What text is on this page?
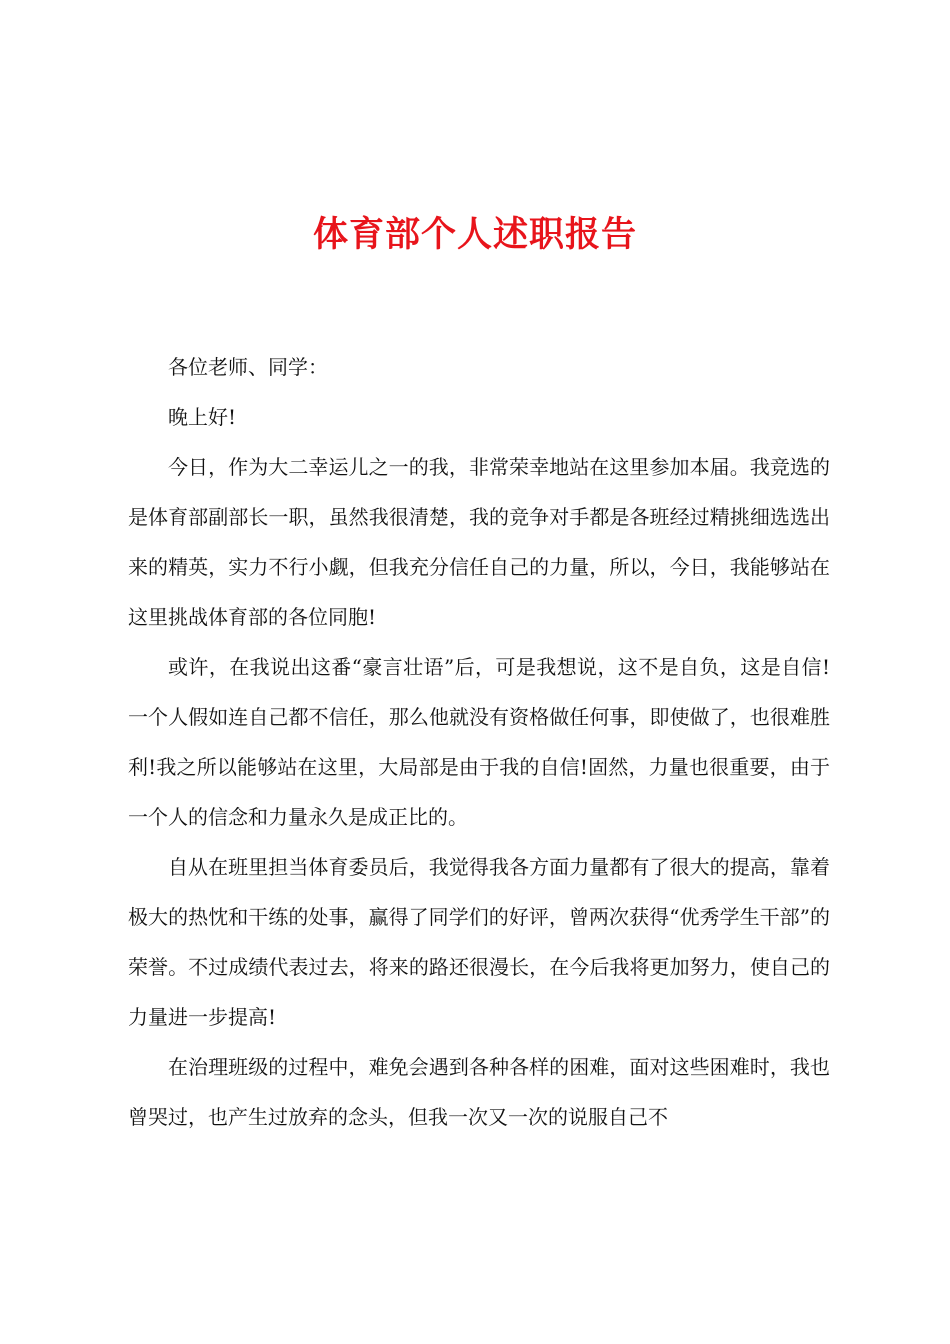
体育部个人述职报告

各位老师、同学：

晚上好!

今日，作为大二幸运儿之一的我，非常荣幸地站在这里参加本届。我竞选的是体育部副部长一职，虽然我很清楚，我的竞争对手都是各班经过精挑细选选出来的精英，实力不行小觑，但我充分信任自己的力量，所以，今日，我能够站在这里挑战体育部的各位同胞!

或许，在我说出这番“豪言壮语”后，可是我想说，这不是自负，这是自信!一个人假如连自己都不信任，那么他就没有资格做任何事，即使做了，也很难胜利!我之所以能够站在这里，大局部是由于我的自信!固然，力量也很重要，由于一个人的信念和力量永久是成正比的。

自从在班里担当体育委员后，我觉得我各方面力量都有了很大的提高，靠着极大的热忱和干练的处事，赢得了同学们的好评，曾两次获得“优秀学生干部”的荣誉。不过成绩代表过去，将来的路还很漫长，在今后我将更加努力，使自己的力量进一步提高!

在治理班级的过程中，难免会遇到各种各样的困难，面对这些困难时，我也曾哭过，也产生过放弃的念头，但我一次又一次的说服自己不
